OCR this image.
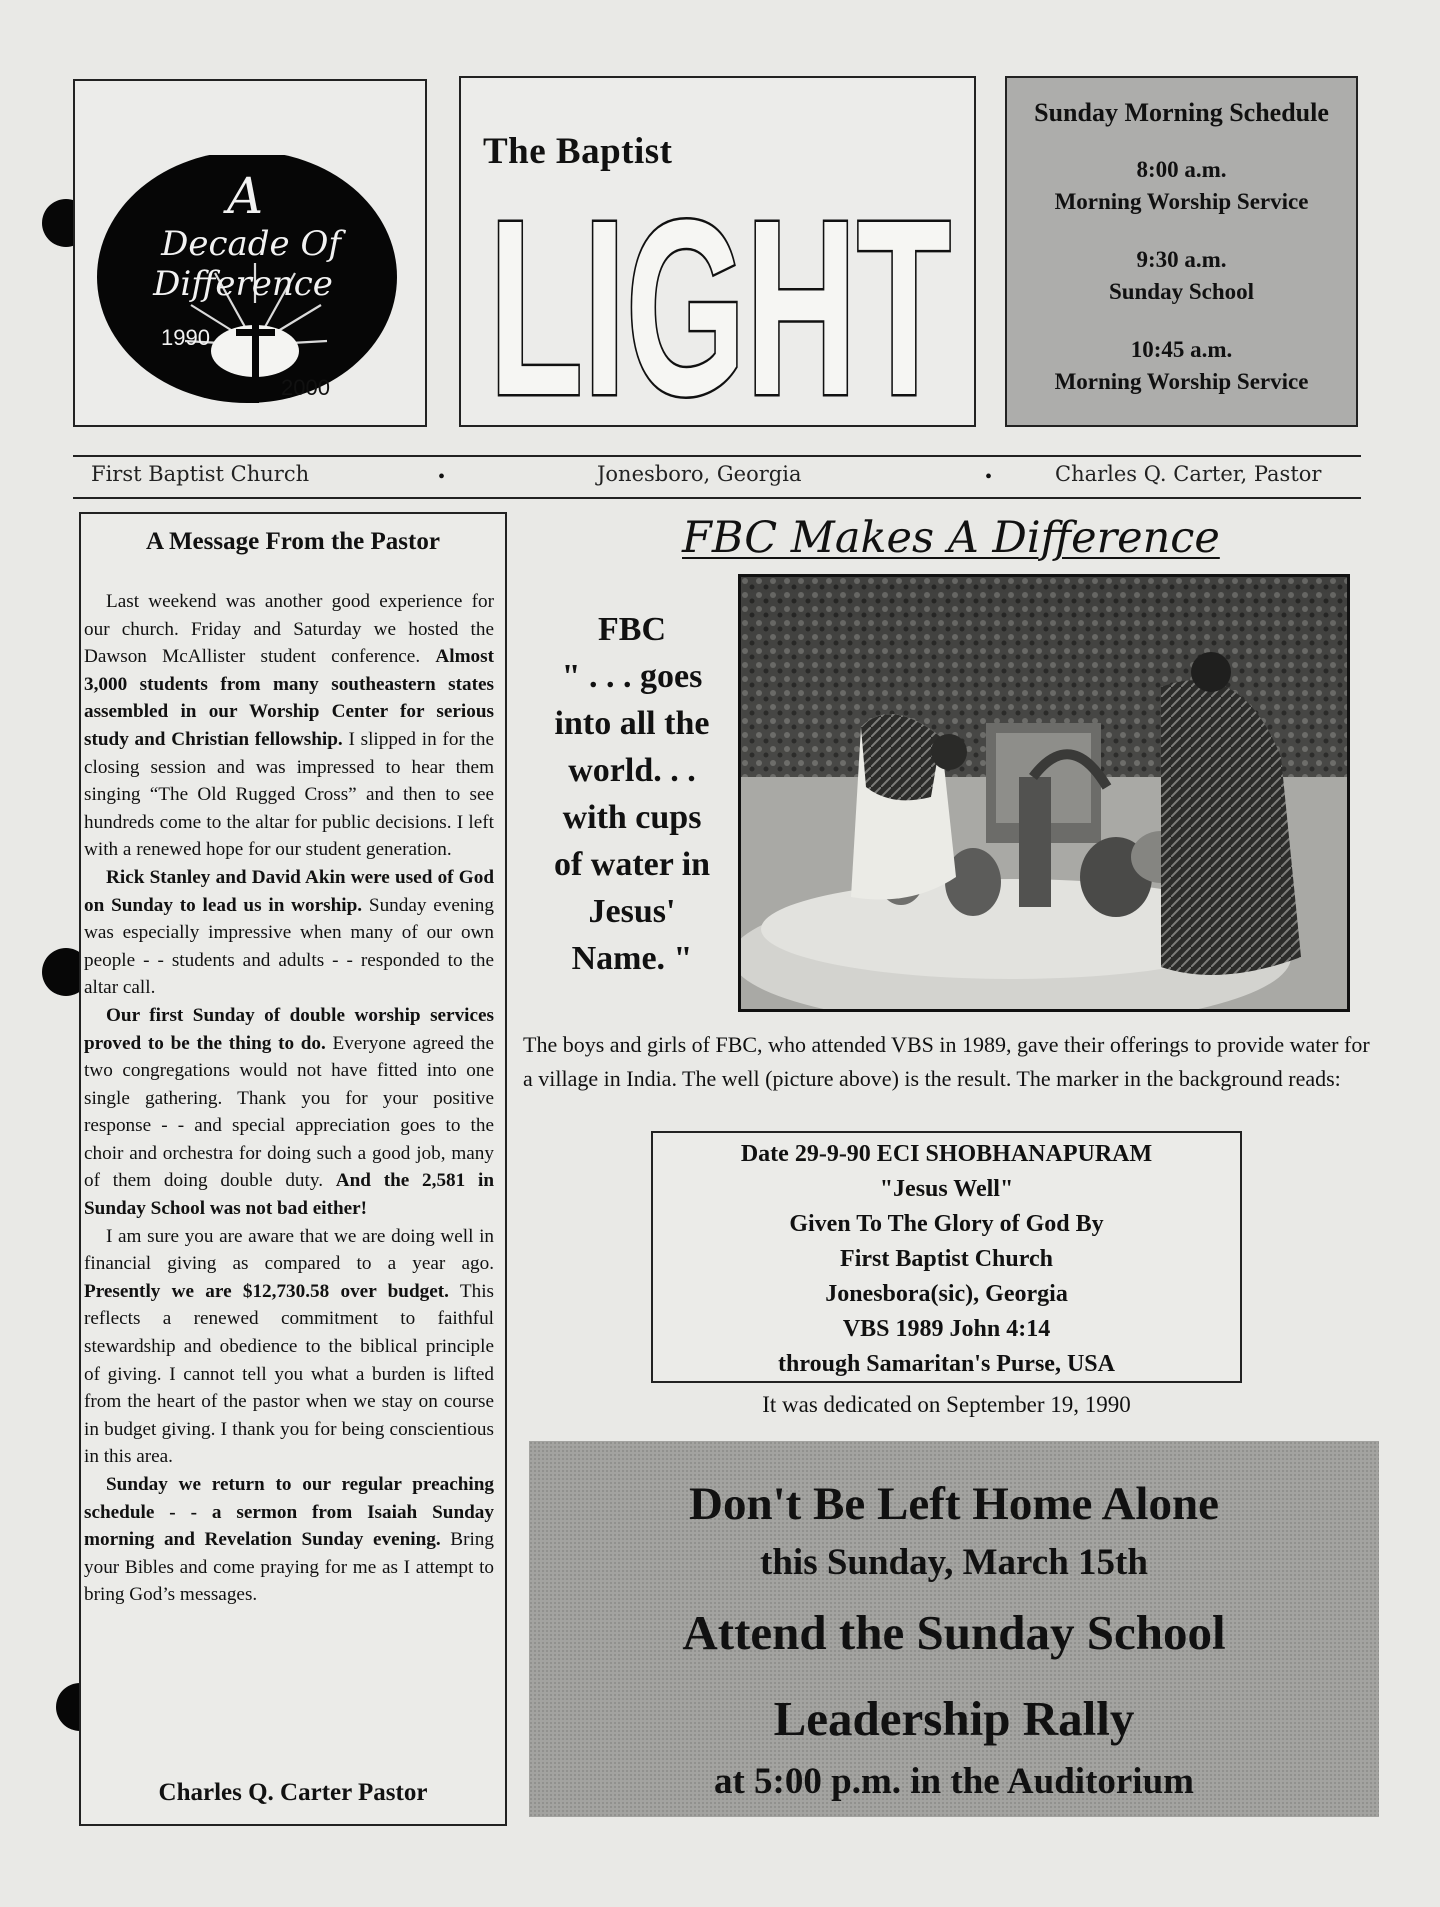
A
Decade Of
Difference
1990
2000
The Baptist
LIGHT
Sunday Morning Schedule
8:00 a.m.
Morning Worship Service
9:30 a.m.
Sunday School
10:45 a.m.
Morning Worship Service
First Baptist Church	•	Jonesboro, Georgia	•	Charles Q. Carter, Pastor
A Message From the Pastor

Last weekend was another good experience for our church. Friday and Saturday we hosted the Dawson McAllister student conference. Almost 3,000 students from many southeastern states assembled in our Worship Center for serious study and Christian fellowship. I slipped in for the closing session and was impressed to hear them singing “The Old Rugged Cross” and then to see hundreds come to the altar for public decisions. I left with a renewed hope for our student generation.

Rick Stanley and David Akin were used of God on Sunday to lead us in worship. Sunday evening was especially impressive when many of our own people - - students and adults - - responded to the altar call.

Our first Sunday of double worship services proved to be the thing to do. Everyone agreed the two congregations would not have fitted into one single gathering. Thank you for your positive response - - and special appreciation goes to the choir and orchestra for doing such a good job, many of them doing double duty. And the 2,581 in Sunday School was not bad either!

I am sure you are aware that we are doing well in financial giving as compared to a year ago. Presently we are $12,730.58 over budget. This reflects a renewed commitment to faithful stewardship and obedience to the biblical principle of giving. I cannot tell you what a burden is lifted from the heart of the pastor when we stay on course in budget giving. I thank you for being conscientious in this area.

Sunday we return to our regular preaching schedule - - a sermon from Isaiah Sunday morning and Revelation Sunday evening. Bring your Bibles and come praying for me as I attempt to bring God’s messages.

Charles Q. Carter Pastor
FBC Makes A Difference
FBC
" . . . goes
into all the
world. . .
with cups
of water in
Jesus'
Name. "
The boys and girls of FBC, who attended VBS in 1989, gave their offerings to provide water for a village in India. The well (picture above) is the result. The marker in the background reads:
Date 29-9-90 ECI SHOBHANAPURAM
"Jesus Well"
Given To The Glory of God By
First Baptist Church
Jonesbora(sic), Georgia
VBS 1989 John 4:14
through Samaritan's Purse, USA
It was dedicated on September 19, 1990
Don't Be Left Home Alone
this Sunday, March 15th
Attend the Sunday School
Leadership Rally
at 5:00 p.m. in the Auditorium
